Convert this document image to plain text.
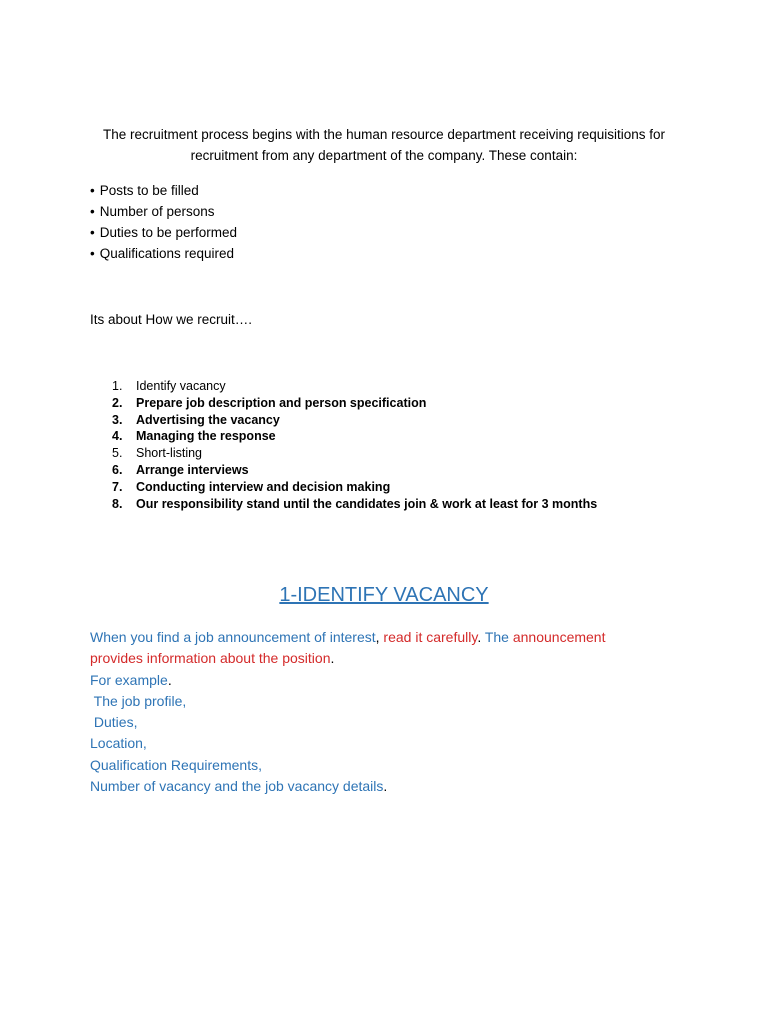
The recruitment process begins with the human resource department receiving requisitions for
recruitment from any department of the company. These contain:
• Posts to be filled
• Number of persons
• Duties to be performed
• Qualifications required
Its about How we recruit….
1.	Identify vacancy
2.	Prepare job description and person specification
3.	Advertising the vacancy
4.	Managing the response
5.	Short-listing
6.	Arrange interviews
7.	Conducting interview and decision making
8.	Our responsibility stand until the candidates join & work at least for 3 months
1-IDENTIFY VACANCY
When you find a job announcement of interest, read it carefully. The announcement
provides information about the position.
For example.
The job profile,
Duties,
Location,
Qualification Requirements,
Number of vacancy and the job vacancy details.
